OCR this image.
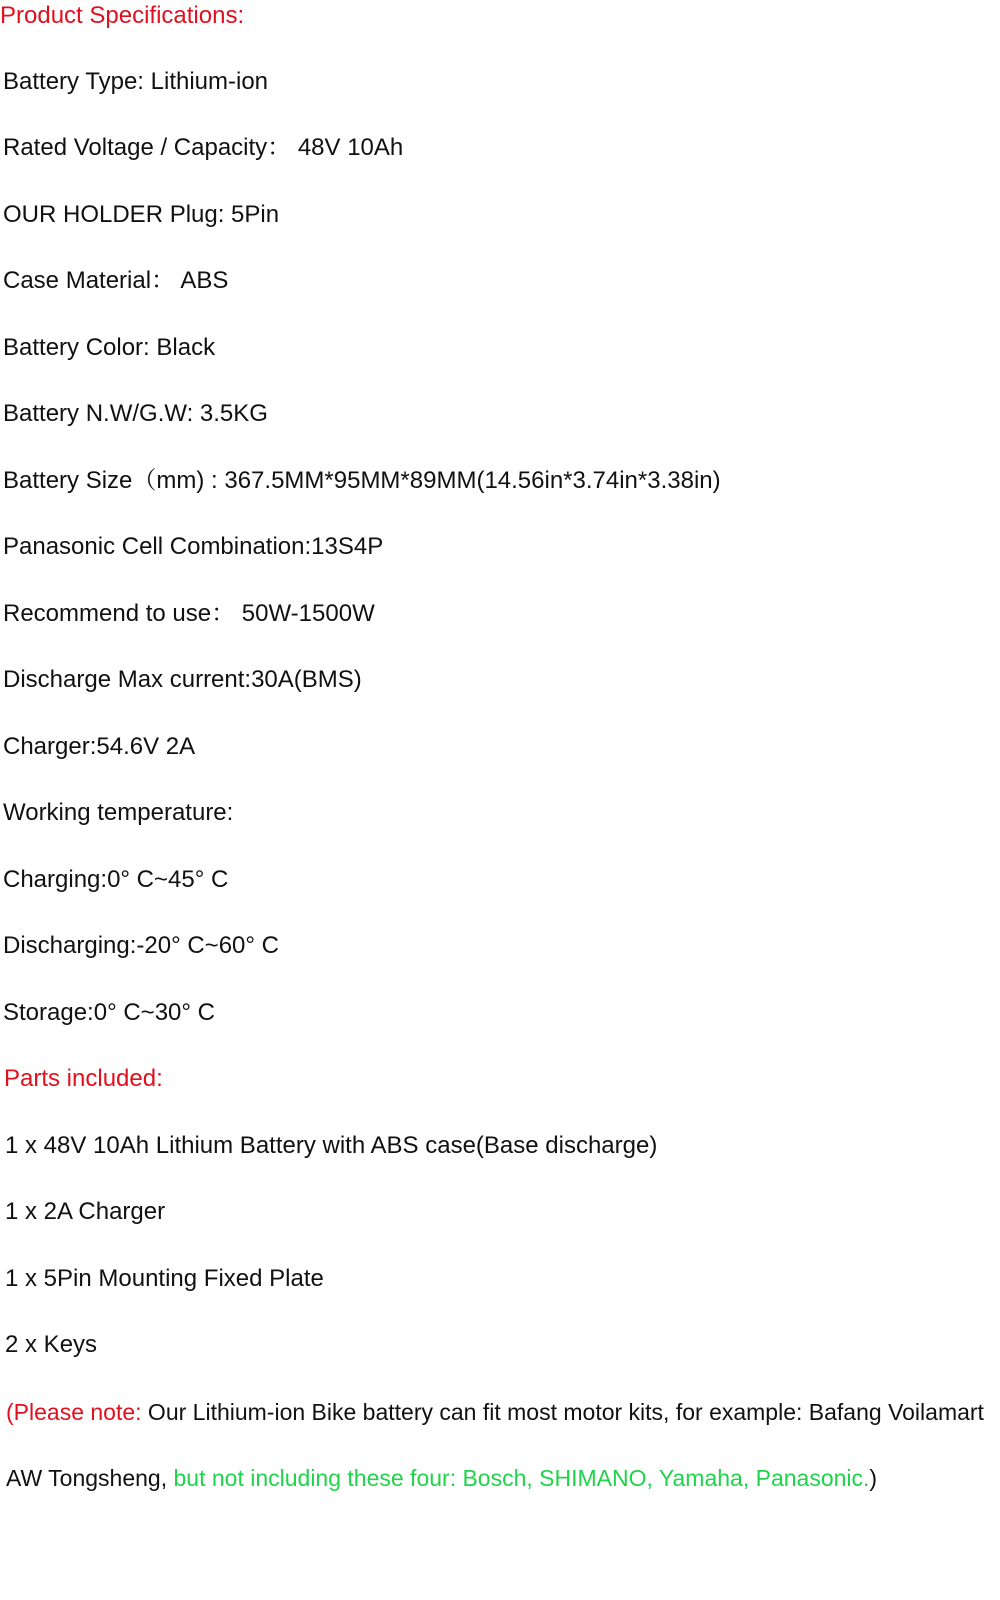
Product Specifications:
Battery Type: Lithium-ion
Rated Voltage / Capacity： 48V 10Ah
OUR HOLDER Plug: 5Pin
Case Material： ABS
Battery Color: Black
Battery N.W/G.W: 3.5KG
Battery Size（mm) : 367.5MM*95MM*89MM(14.56in*3.74in*3.38in)
Panasonic Cell Combination:13S4P
Recommend to use： 50W-1500W
Discharge Max current:30A(BMS)
Charger:54.6V 2A
Working temperature:
Charging:0° C~45° C
Discharging:-20° C~60° C
Storage:0° C~30° C
Parts included:
1 x 48V 10Ah Lithium Battery with ABS case(Base discharge)
1 x 2A Charger
1 x 5Pin Mounting Fixed Plate
2 x Keys
(Please note: Our Lithium-ion Bike battery can fit most motor kits, for example: Bafang Voilamart
AW Tongsheng, but not including these four: Bosch, SHIMANO, Yamaha, Panasonic.)
